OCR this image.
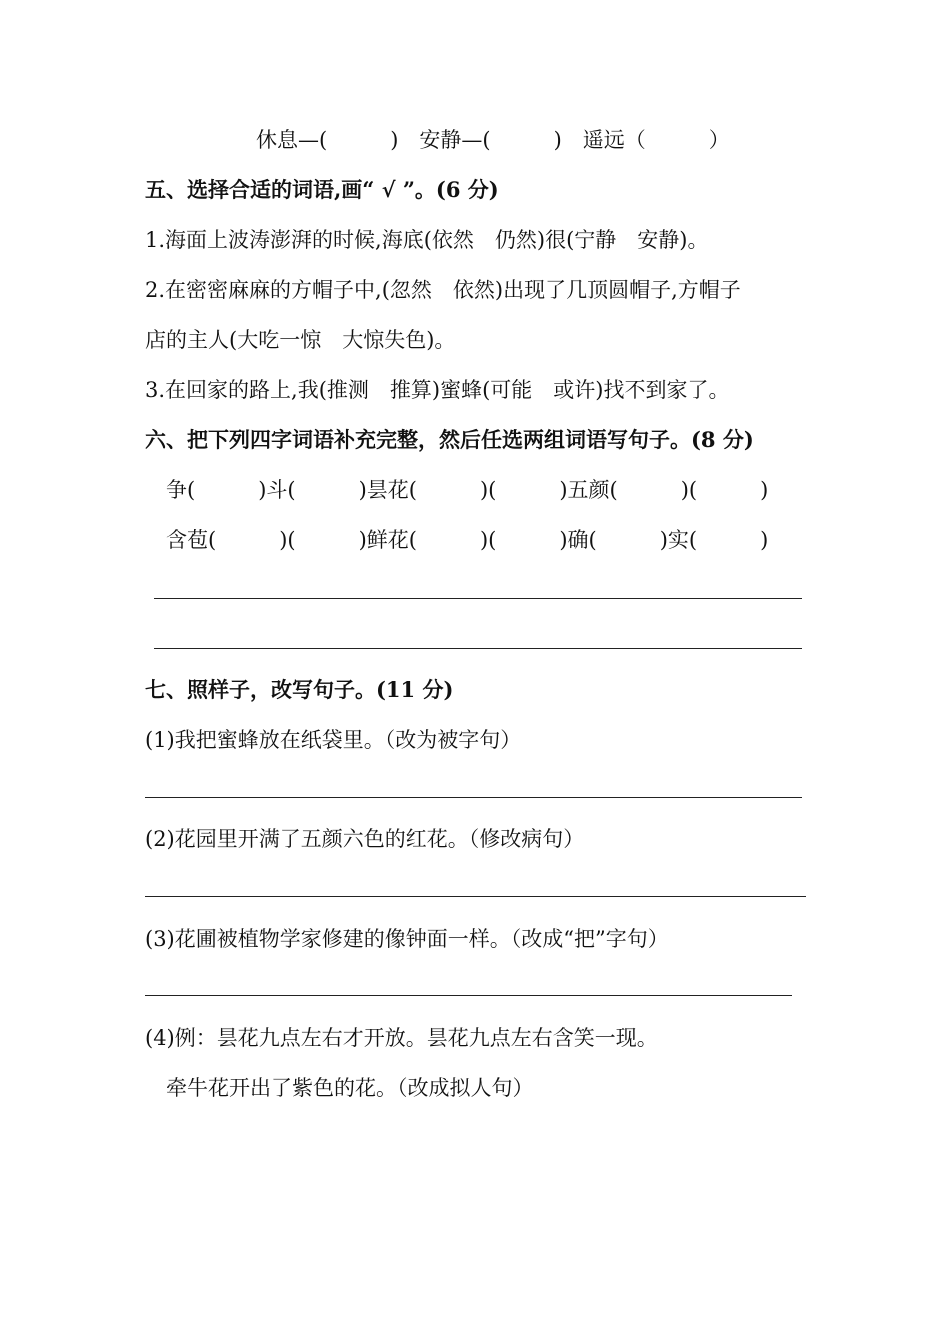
休息—(　　　)　安静—(　　　)　遥远（　　　）
五、选择合适的词语,画“ √ ”。(6 分)
1.海面上波涛澎湃的时候,海底(依然　仍然)很(宁静　安静)。
2.在密密麻麻的方帽子中,(忽然　依然)出现了几顶圆帽子,方帽子
店的主人(大吃一惊　大惊失色)。
3.在回家的路上,我(推测　推算)蜜蜂(可能　或许)找不到家了。
六、把下列四字词语补充完整，然后任选两组词语写句子。(8 分)
争(　　　)斗(　　　)昙花(　　　)(　　　)五颜(　　　)(　　　)
含苞(　　　)(　　　)鲜花(　　　)(　　　)确(　　　)实(　　　)
七、照样子，改写句子。(11 分)
(1)我把蜜蜂放在纸袋里。（改为被字句）
(2)花园里开满了五颜六色的红花。（修改病句）
(3)花圃被植物学家修建的像钟面一样。（改成“把”字句）
(4)例：昙花九点左右才开放。昙花九点左右含笑一现。
牵牛花开出了紫色的花。（改成拟人句）
